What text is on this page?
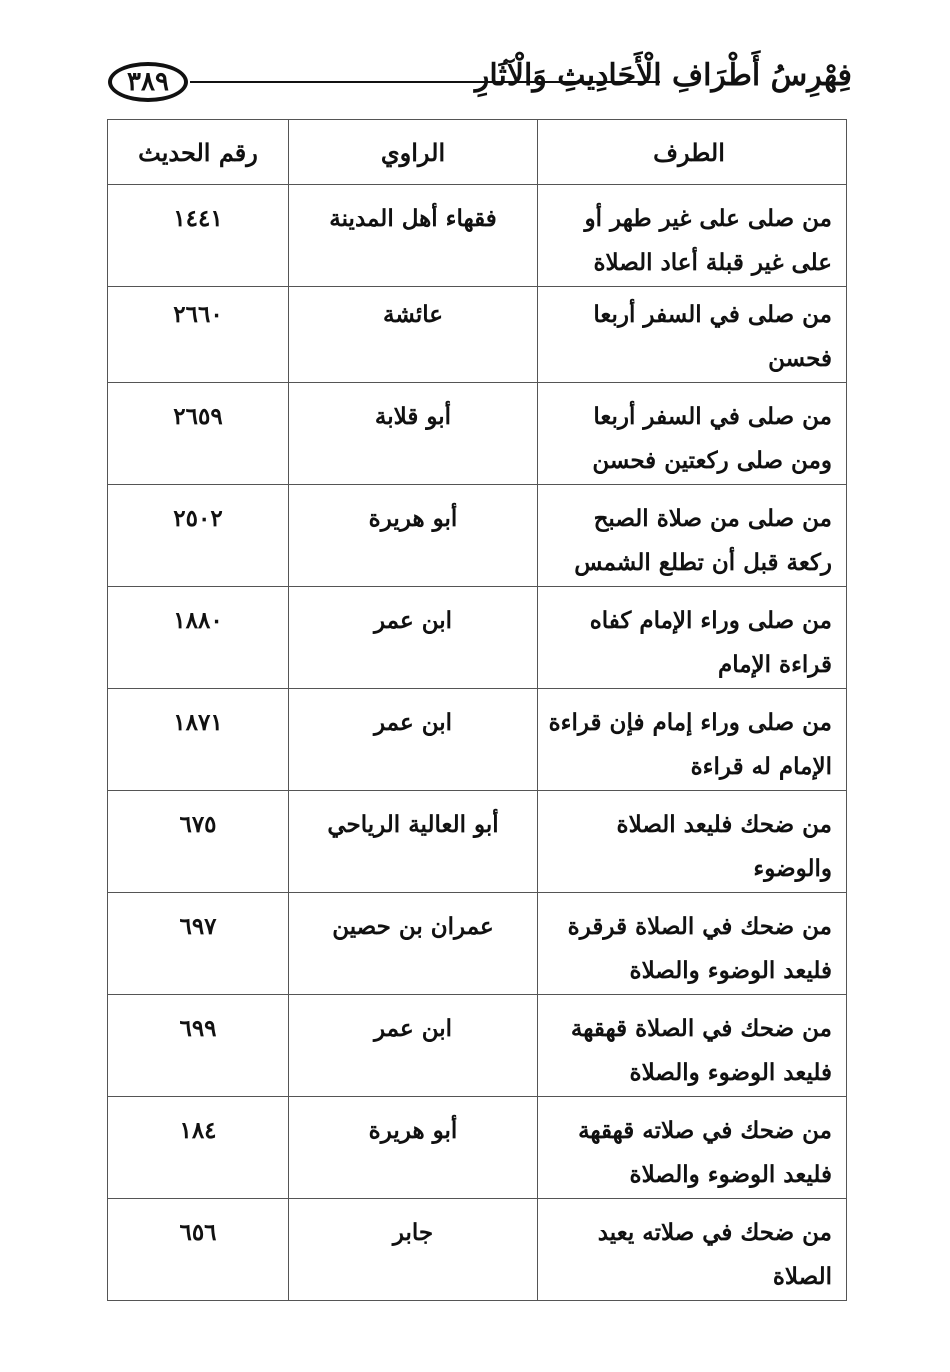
٣٨٩	فِهْرِسُ أَطْرَافِ الْأَحَادِيثِ وَالْآثَارِ
الطرف	الراوي	رقم الحديث
من صلى على غير طهر أو على غير قبلة أعاد الصلاة	فقهاء أهل المدينة	١٤٤١
من صلى في السفر أربعا فحسن	عائشة	٢٦٦٠
من صلى في السفر أربعا ومن صلى ركعتين فحسن	أبو قلابة	٢٦٥٩
من صلى من صلاة الصبح ركعة قبل أن تطلع الشمس	أبو هريرة	٢٥٠٢
من صلى وراء الإمام كفاه قراءة الإمام	ابن عمر	١٨٨٠
من صلى وراء إمام فإن قراءة الإمام له قراءة	ابن عمر	١٨٧١
من ضحك فليعد الصلاة والوضوء	أبو العالية الرياحي	٦٧٥
من ضحك في الصلاة قرقرة فليعد الوضوء والصلاة	عمران بن حصين	٦٩٧
من ضحك في الصلاة قهقهة فليعد الوضوء والصلاة	ابن عمر	٦٩٩
من ضحك في صلاته قهقهة فليعد الوضوء والصلاة	أبو هريرة	١٨٤
من ضحك في صلاته يعيد الصلاة	جابر	٦٥٦
